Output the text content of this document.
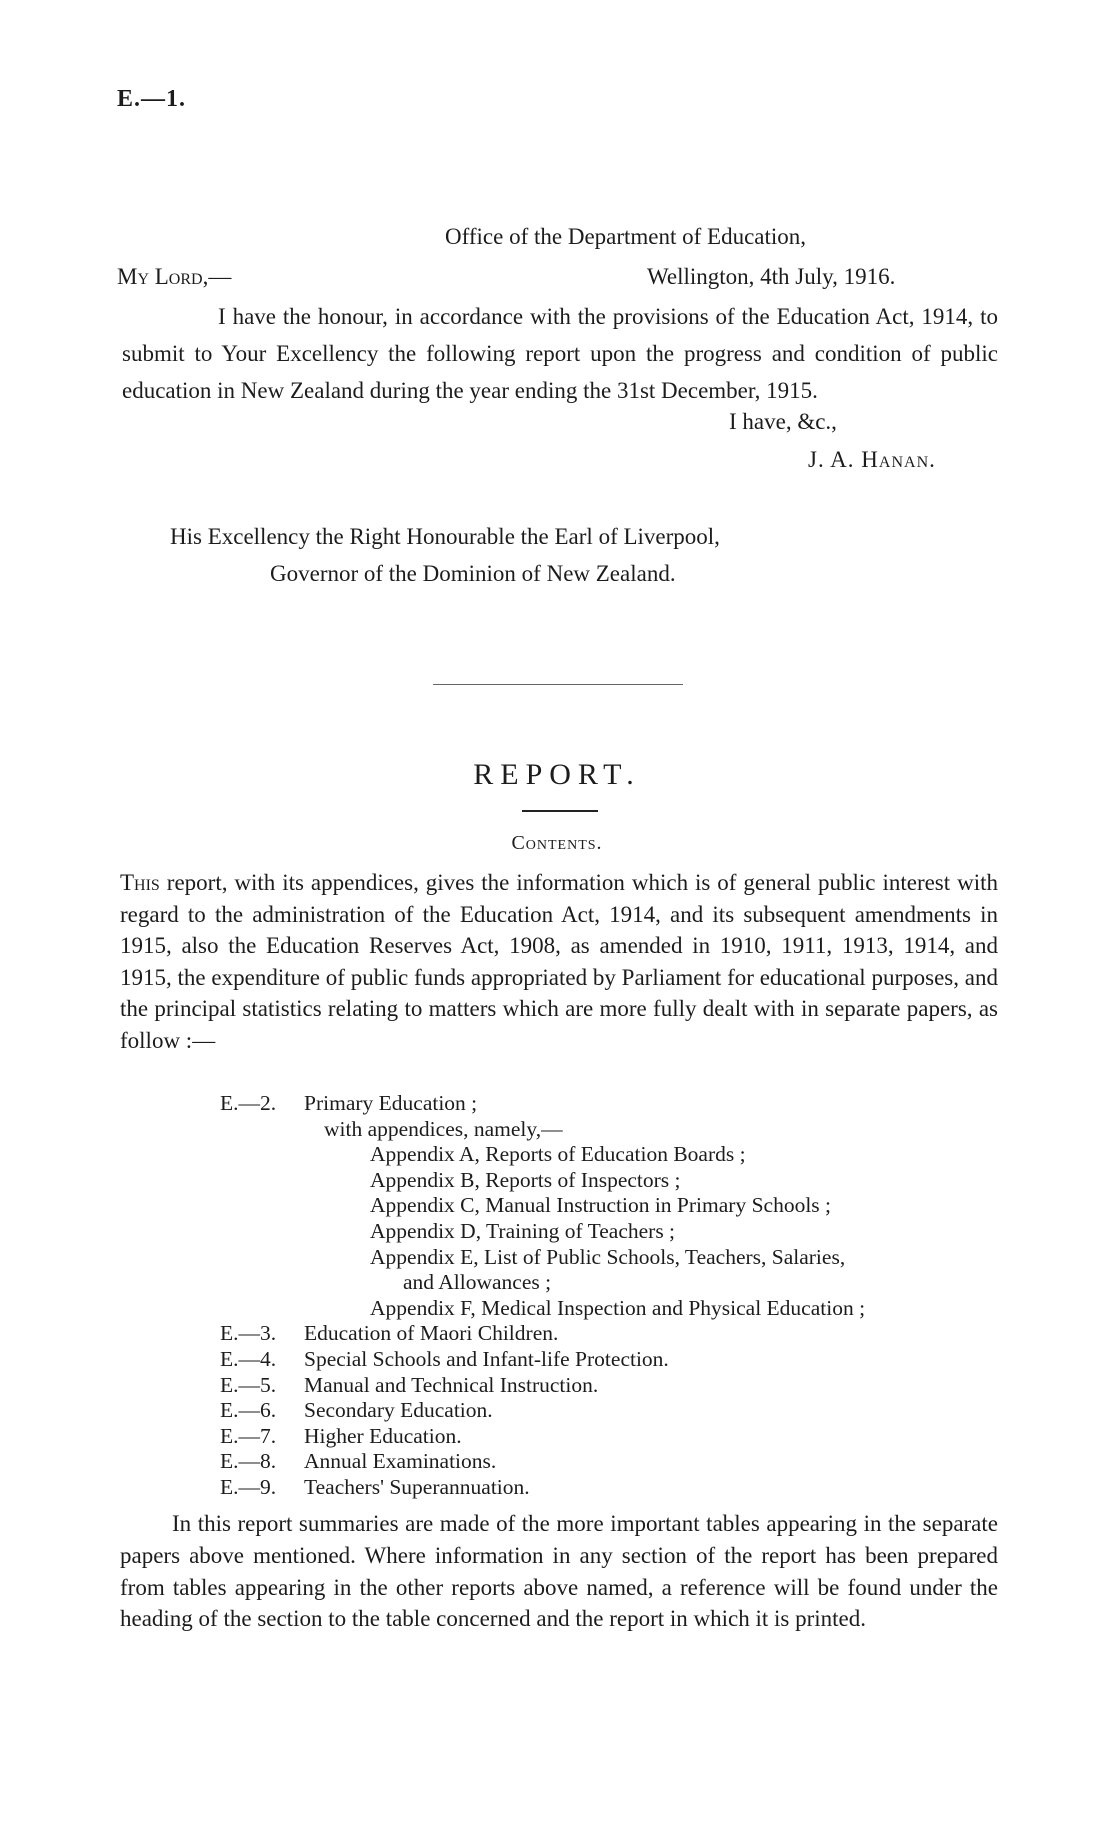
E.—1.
Office of the Department of Education,
My Lord,—	Wellington, 4th July, 1916.
I have the honour, in accordance with the provisions of the Education Act, 1914, to submit to Your Excellency the following report upon the progress and condition of public education in New Zealand during the year ending the 31st December, 1915.
I have, &c.,
J. A. Hanan.
His Excellency the Right Honourable the Earl of Liverpool,
Governor of the Dominion of New Zealand.
REPORT.
Contents.
This report, with its appendices, gives the information which is of general public interest with regard to the administration of the Education Act, 1914, and its subsequent amendments in 1915, also the Education Reserves Act, 1908, as amended in 1910, 1911, 1913, 1914, and 1915, the expenditure of public funds appropriated by Parliament for educational purposes, and the principal statistics relating to matters which are more fully dealt with in separate papers, as follow :—
E.—2. Primary Education ;
with appendices, namely,—
Appendix A, Reports of Education Boards ;
Appendix B, Reports of Inspectors ;
Appendix C, Manual Instruction in Primary Schools ;
Appendix D, Training of Teachers ;
Appendix E, List of Public Schools, Teachers, Salaries,
and Allowances ;
Appendix F, Medical Inspection and Physical Education ;
E.—3. Education of Maori Children.
E.—4. Special Schools and Infant-life Protection.
E.—5. Manual and Technical Instruction.
E.—6. Secondary Education.
E.—7. Higher Education.
E.—8. Annual Examinations.
E.—9. Teachers' Superannuation.
In this report summaries are made of the more important tables appearing in the separate papers above mentioned. Where information in any section of the report has been prepared from tables appearing in the other reports above named, a reference will be found under the heading of the section to the table concerned and the report in which it is printed.
